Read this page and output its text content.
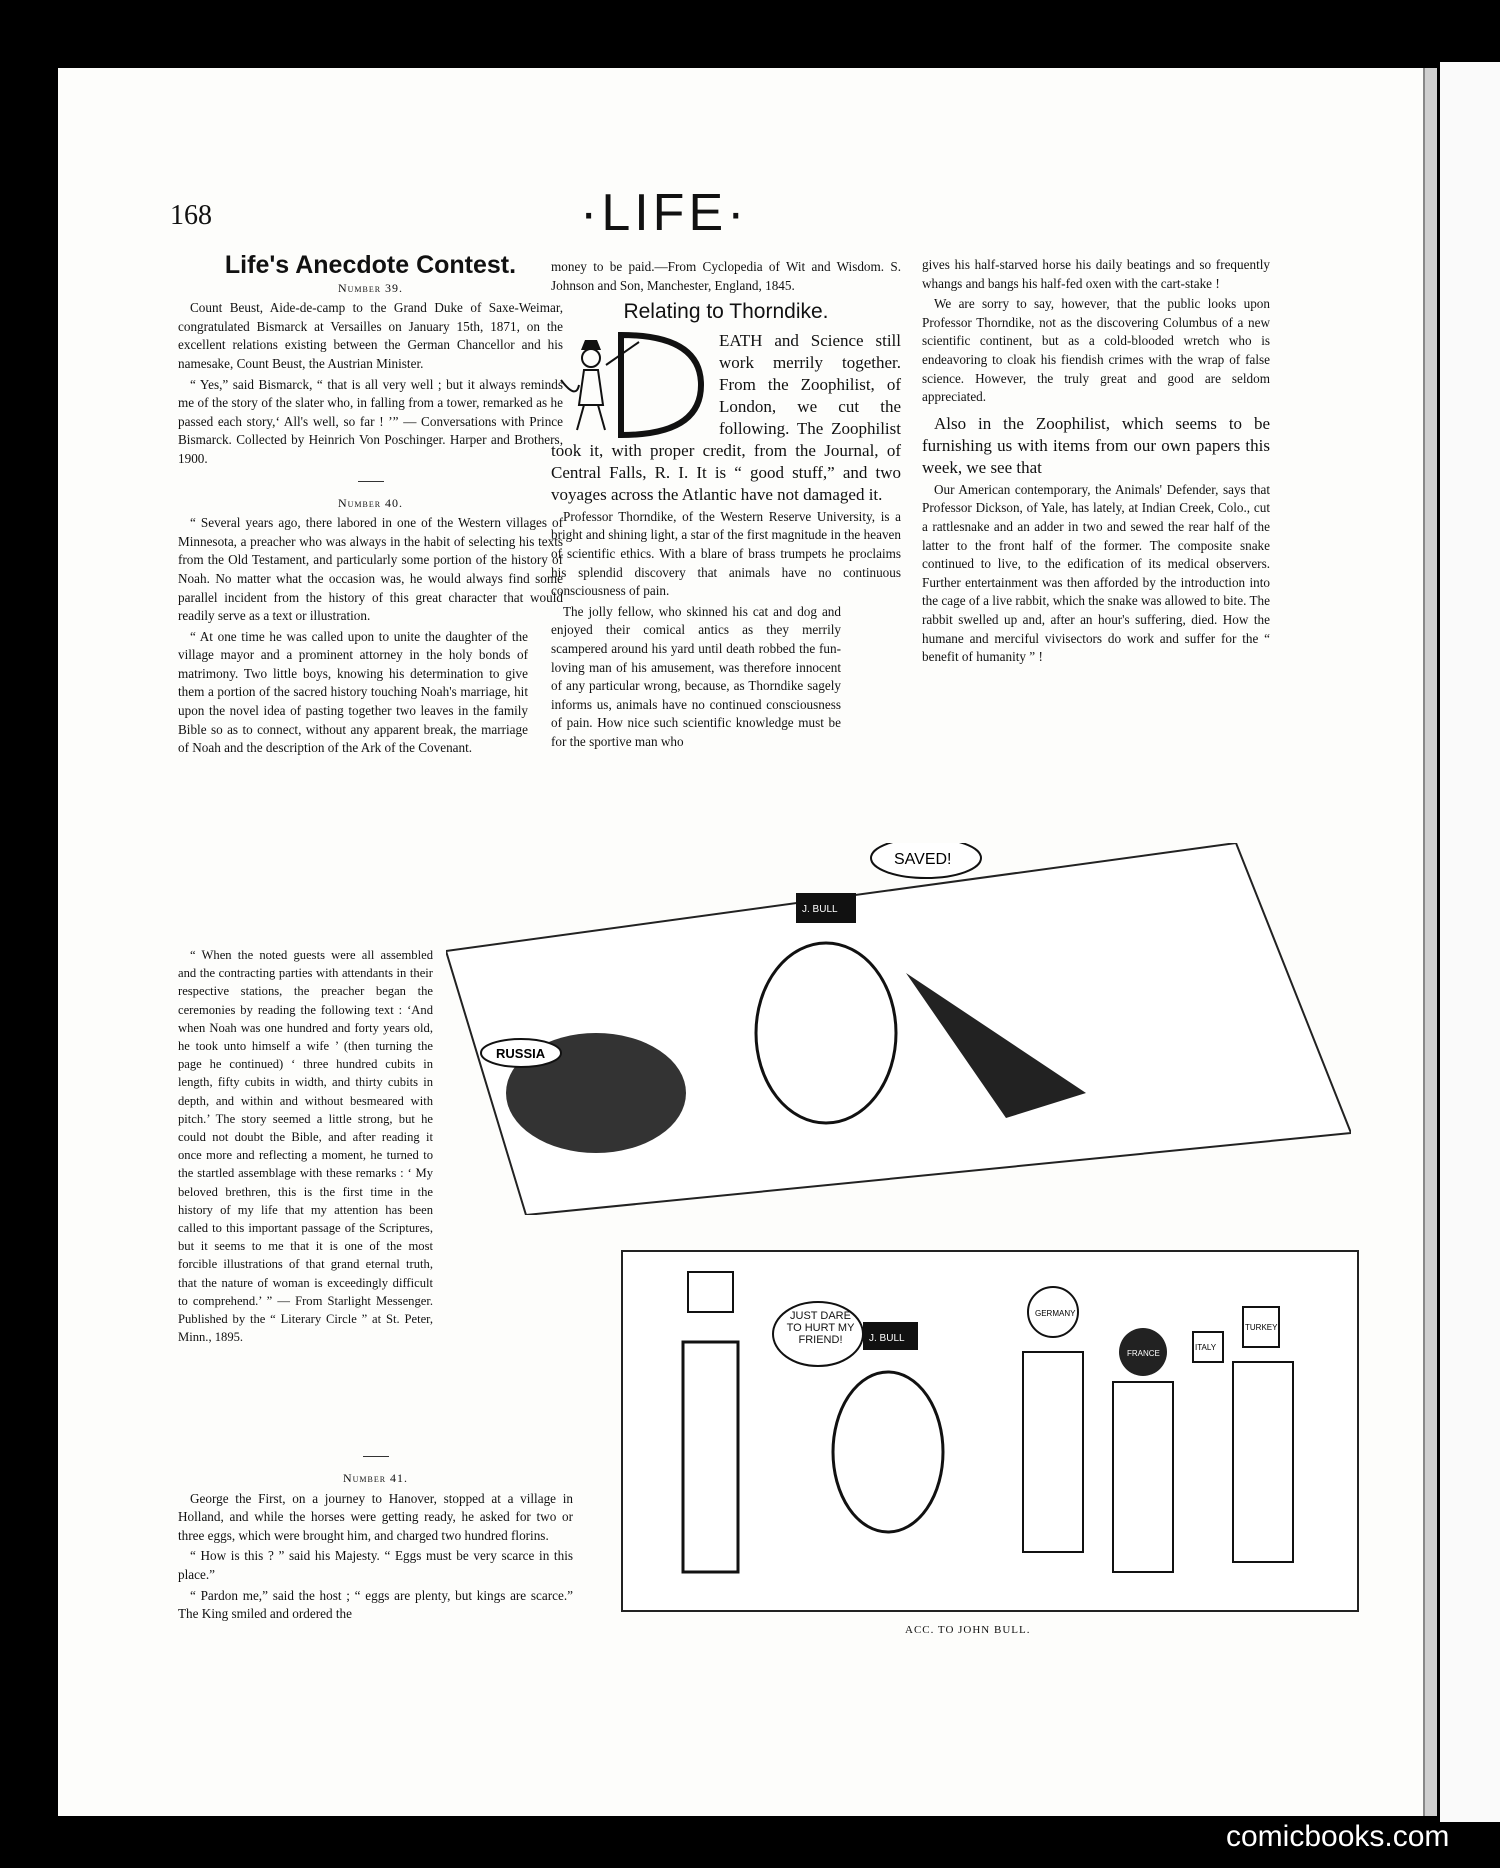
168	·LIFE·
Life's Anecdote Contest.

Number 39.

Count Beust, Aide-de-camp to the Grand Duke of Saxe-Weimar, congratulated Bismarck at Versailles on January 15th, 1871, on the excellent relations existing between the German Chancellor and his namesake, Count Beust, the Austrian Minister.

“ Yes,” said Bismarck, “ that is all very well ; but it always reminds me of the story of the slater who, in falling from a tower, remarked as he passed each story,‘ All's well, so far ! ’” — Conversations with Prince Bismarck. Collected by Heinrich Von Poschinger. Harper and Brothers, 1900.

Number 40.

“ Several years ago, there labored in one of the Western villages of Minnesota, a preacher who was always in the habit of selecting his texts from the Old Testament, and particularly some portion of the history of Noah. No matter what the occasion was, he would always find some parallel incident from the history of this great character that would readily serve as a text or illustration.

“ At one time he was called upon to unite the daughter of the village mayor and a prominent attorney in the holy bonds of matrimony. Two little boys, knowing his determination to give them a portion of the sacred history touching Noah's marriage, hit upon the novel idea of pasting together two leaves in the family Bible so as to connect, without any apparent break, the marriage of Noah and the description of the Ark of the Covenant.

“ When the noted guests were all assembled and the contracting parties with attendants in their respective stations, the preacher began the ceremonies by reading the following text : ‘And when Noah was one hundred and forty years old, he took unto himself a wife ’ (then turning the page he continued) ‘ three hundred cubits in length, fifty cubits in width, and thirty cubits in depth, and within and without besmeared with pitch.’ The story seemed a little strong, but he could not doubt the Bible, and after reading it once more and reflecting a moment, he turned to the startled assemblage with these remarks : ‘ My beloved brethren, this is the first time in the history of my life that my attention has been called to this important passage of the Scriptures, but it seems to me that it is one of the most forcible illustrations of that grand eternal truth, that the nature of woman is exceedingly difficult to comprehend.’ ” — From Starlight Messenger. Published by the “ Literary Circle ” at St. Peter, Minn., 1895.

Number 41.

George the First, on a journey to Hanover, stopped at a village in Holland, and while the horses were getting ready, he asked for two or three eggs, which were brought him, and charged two hundred florins.

“ How is this ? ” said his Majesty. “ Eggs must be very scarce in this place.”

“ Pardon me,” said the host ; “ eggs are plenty, but kings are scarce.” The King smiled and ordered the

money to be paid.—From Cyclopedia of Wit and Wisdom. S. Johnson and Son, Manchester, England, 1845.

Relating to Thorndike.

EATH and Science still work merrily together. From the Zoophilist, of London, we cut the following. The Zoophilist took it, with proper credit, from the Journal, of Central Falls, R. I. It is “ good stuff,” and two voyages across the Atlantic have not damaged it.

Professor Thorndike, of the Western Reserve University, is a bright and shining light, a star of the first magnitude in the heaven of scientific ethics. With a blare of brass trumpets he proclaims his splendid discovery that animals have no continuous consciousness of pain.

The jolly fellow, who skinned his cat and dog and enjoyed their comical antics as they merrily scampered around his yard until death robbed the fun-loving man of his amusement, was therefore innocent of any particular wrong, because, as Thorndike sagely informs us, animals have no continued consciousness of pain. How nice such scientific knowledge must be for the sportive man who

gives his half-starved horse his daily beatings and so frequently whangs and bangs his half-fed oxen with the cart-stake !

We are sorry to say, however, that the public looks upon Professor Thorndike, not as the discovering Columbus of a new scientific continent, but as a cold-blooded wretch who is endeavoring to cloak his fiendish crimes with the wrap of false science. However, the truly great and good are seldom appreciated.

Also in the Zoophilist, which seems to be furnishing us with items from our own papers this week, we see that

Our American contemporary, the Animals' Defender, says that Professor Dickson, of Yale, has lately, at Indian Creek, Colo., cut a rattlesnake and an adder in two and sewed the rear half of the latter to the front half of the former. The composite snake continued to live, to the edification of its medical observers. Further entertainment was then afforded by the introduction into the cage of a live rabbit, which the snake was allowed to bite. The rabbit swelled up and, after an hour's suffering, died. How the humane and merciful vivisectors do work and suffer for the “ benefit of humanity ” !

RUSSIA
J. BULL
SAVED!
JUST DARE TO HURT MY FRIEND!	J. BULL
GERMANY
FRANCE
ITALY
TURKEY
ACC. TO JOHN BULL.
comicbooks.com
